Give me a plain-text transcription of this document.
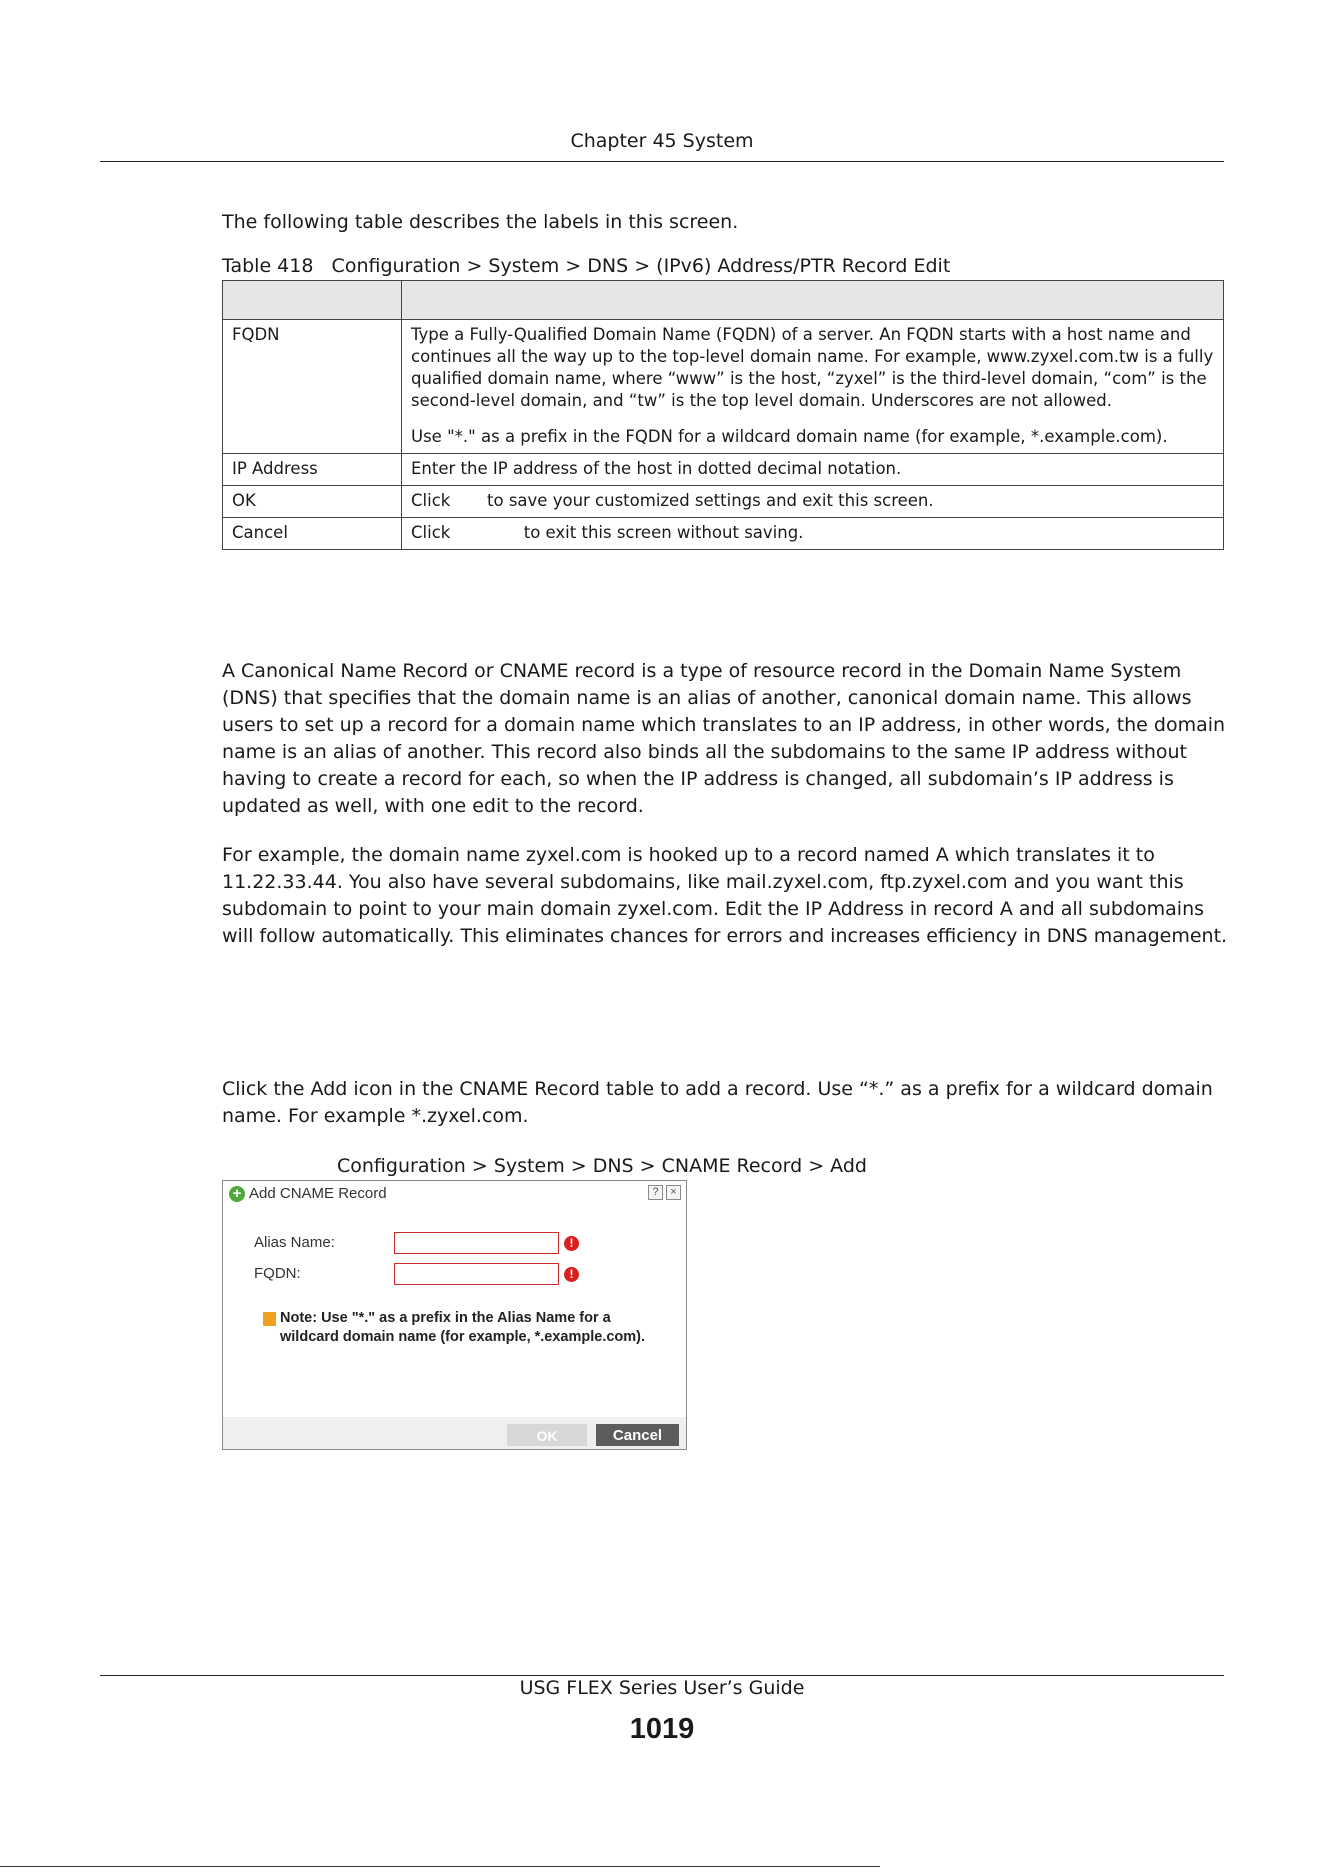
Chapter 45 System
The following table describes the labels in this screen.
Table 418   Configuration > System > DNS > (IPv6) Address/PTR Record Edit

FQDN	Type a Fully-Qualified Domain Name (FQDN) of a server. An FQDN starts with a host name and continues all the way up to the top-level domain name. For example, www.zyxel.com.tw is a fully qualified domain name, where “www” is the host, “zyxel” is the third-level domain, “com” is the second-level domain, and “tw” is the top level domain. Underscores are not allowed.

Use "*." as a prefix in the FQDN for a wildcard domain name (for example, *.example.com).

IP Address	Enter the IP address of the host in dotted decimal notation.
OK	Click       to save your customized settings and exit this screen.
Cancel	Click              to exit this screen without saving.

A Canonical Name Record or CNAME record is a type of resource record in the Domain Name System (DNS) that specifies that the domain name is an alias of another, canonical domain name. This allows users to set up a record for a domain name which translates to an IP address, in other words, the domain name is an alias of another. This record also binds all the subdomains to the same IP address without having to create a record for each, so when the IP address is changed, all subdomain’s IP address is updated as well, with one edit to the record.

For example, the domain name zyxel.com is hooked up to a record named A which translates it to 11.22.33.44. You also have several subdomains, like mail.zyxel.com, ftp.zyxel.com and you want this subdomain to point to your main domain zyxel.com. Edit the IP Address in record A and all subdomains will follow automatically. This eliminates chances for errors and increases efficiency in DNS management.

Click the Add icon in the CNAME Record table to add a record. Use “*.” as a prefix for a wildcard domain name. For example *.zyxel.com.

Configuration > System > DNS > CNAME Record > Add
+ Add CNAME Record	?	×
Alias Name:	!
FQDN:	!

Note: Use "*." as a prefix in the Alias Name for a wildcard domain name (for example, *.example.com).

OK	Cancel
USG FLEX Series User’s Guide
1019
